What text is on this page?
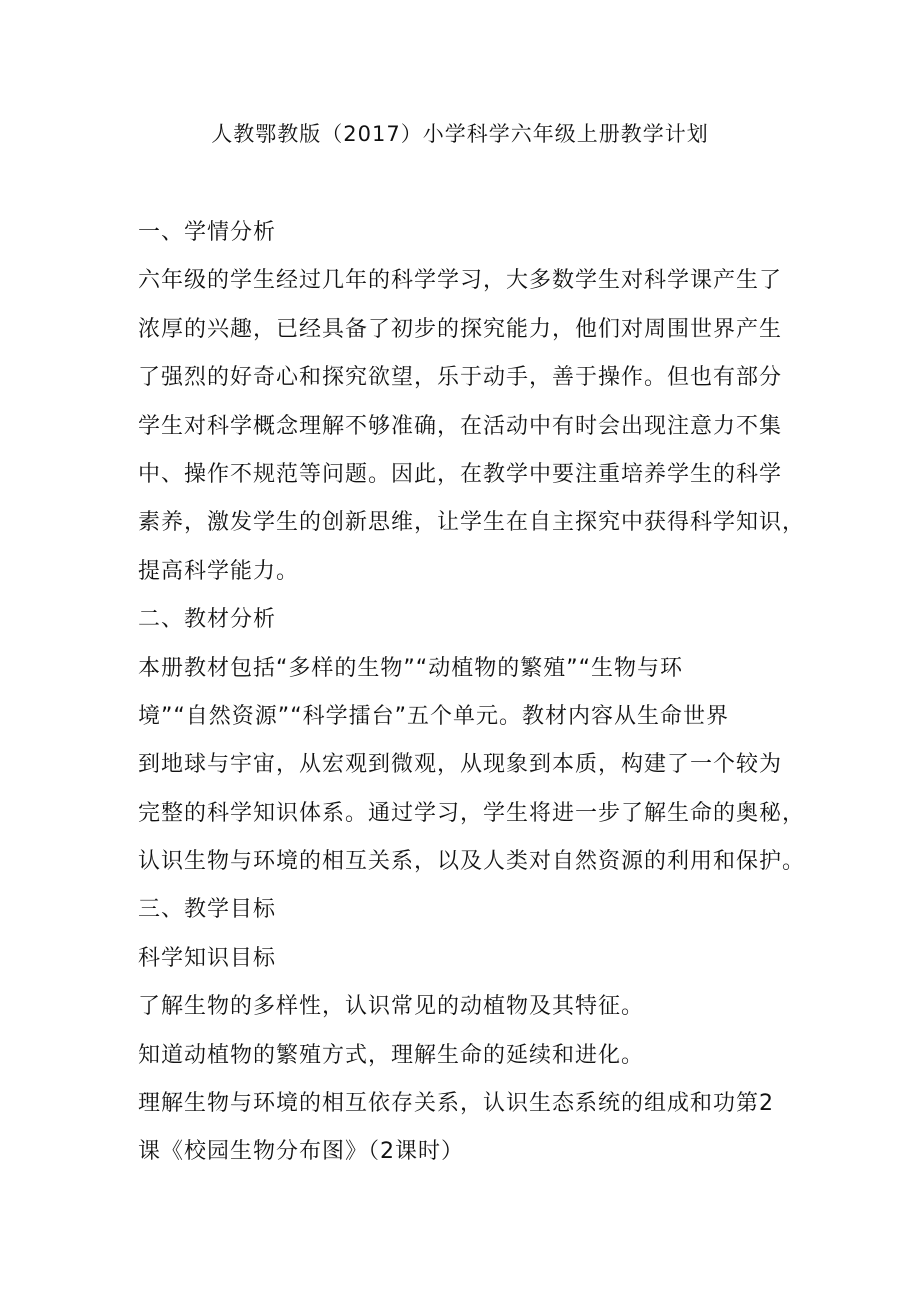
人教鄂教版（2017）小学科学六年级上册教学计划
一、学情分析
六年级的学生经过几年的科学学习，大多数学生对科学课产生了
浓厚的兴趣，已经具备了初步的探究能力，他们对周围世界产生
了强烈的好奇心和探究欲望，乐于动手，善于操作。但也有部分
学生对科学概念理解不够准确，在活动中有时会出现注意力不集
中、操作不规范等问题。因此，在教学中要注重培养学生的科学
素养，激发学生的创新思维，让学生在自主探究中获得科学知识，
提高科学能力。
二、教材分析
本册教材包括“多样的生物”“动植物的繁殖”“生物与环
境”“自然资源”“科学擂台”五个单元。教材内容从生命世界
到地球与宇宙，从宏观到微观，从现象到本质，构建了一个较为
完整的科学知识体系。通过学习，学生将进一步了解生命的奥秘，
认识生物与环境的相互关系，以及人类对自然资源的利用和保护。
三、教学目标
科学知识目标
了解生物的多样性，认识常见的动植物及其特征。
知道动植物的繁殖方式，理解生命的延续和进化。
理解生物与环境的相互依存关系，认识生态系统的组成和功第2
课《校园生物分布图》（2课时）
